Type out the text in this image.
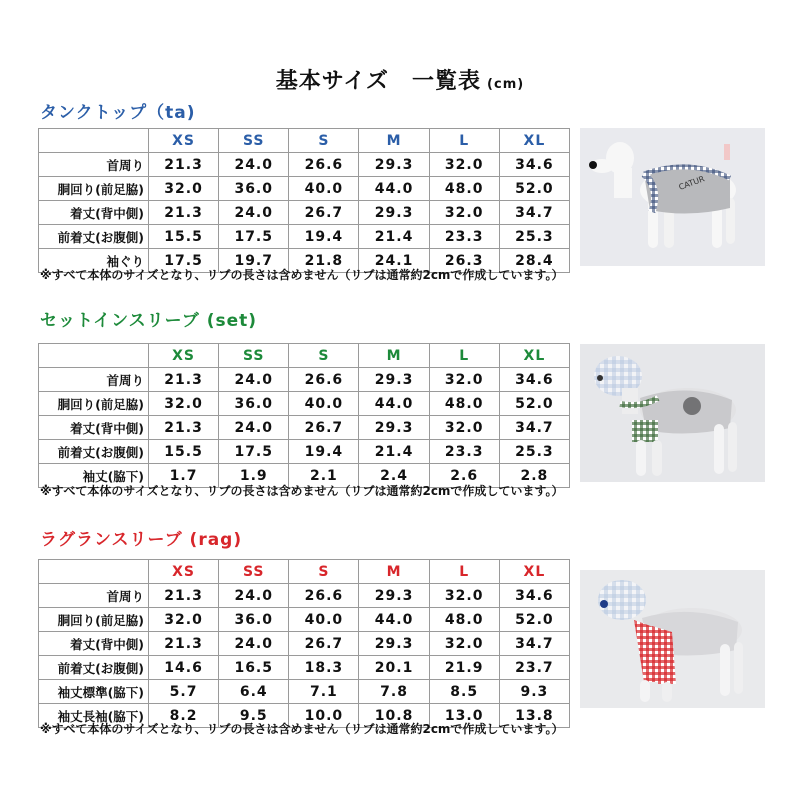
基本サイズ　一覧表 (cm)
タンクトップ（ta)
	XS	SS	S	M	L	XL
首周り	21.3	24.0	26.6	29.3	32.0	34.6
胴回り(前足脇)	32.0	36.0	40.0	44.0	48.0	52.0
着丈(背中側)	21.3	24.0	26.7	29.3	32.0	34.7
前着丈(お腹側)	15.5	17.5	19.4	21.4	23.3	25.3
袖ぐり	17.5	19.7	21.8	24.1	26.3	28.4
※すべて本体のサイズとなり、リブの長さは含めません（リブは通常約2cmで作成しています。）
CATUR

セットインスリーブ (set)
	XS	SS	S	M	L	XL
首周り	21.3	24.0	26.6	29.3	32.0	34.6
胴回り(前足脇)	32.0	36.0	40.0	44.0	48.0	52.0
着丈(背中側)	21.3	24.0	26.7	29.3	32.0	34.7
前着丈(お腹側)	15.5	17.5	19.4	21.4	23.3	25.3
袖丈(脇下)	1.7	1.9	2.1	2.4	2.6	2.8
※すべて本体のサイズとなり、リブの長さは含めません（リブは通常約2cmで作成しています。）
ラグランスリーブ (rag)
	XS	SS	S	M	L	XL
首周り	21.3	24.0	26.6	29.3	32.0	34.6
胴回り(前足脇)	32.0	36.0	40.0	44.0	48.0	52.0
着丈(背中側)	21.3	24.0	26.7	29.3	32.0	34.7
前着丈(お腹側)	14.6	16.5	18.3	20.1	21.9	23.7
袖丈標準(脇下)	5.7	6.4	7.1	7.8	8.5	9.3
袖丈長袖(脇下)	8.2	9.5	10.0	10.8	13.0	13.8
※すべて本体のサイズとなり、リブの長さは含めません（リブは通常約2cmで作成しています。）
